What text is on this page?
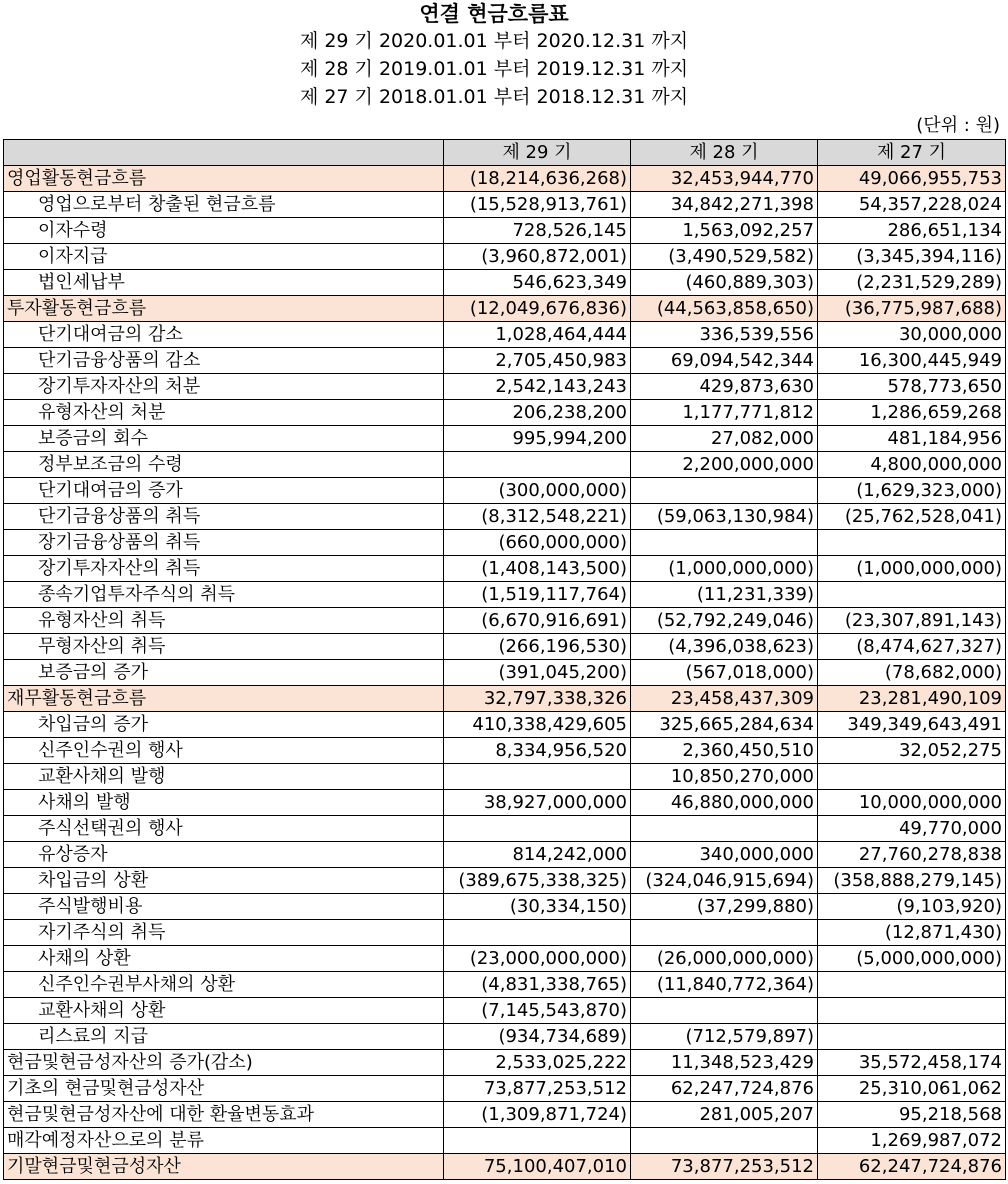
연결 현금흐름표
제 29 기 2020.01.01 부터 2020.12.31 까지
제 28 기 2019.01.01 부터 2019.12.31 까지
제 27 기 2018.01.01 부터 2018.12.31 까지
(단위 : 원)
	제 29 기	제 28 기	제 27 기
영업활동현금흐름	(18,214,636,268)	32,453,944,770	49,066,955,753
영업으로부터 창출된 현금흐름	(15,528,913,761)	34,842,271,398	54,357,228,024
이자수령	728,526,145	1,563,092,257	286,651,134
이자지급	(3,960,872,001)	(3,490,529,582)	(3,345,394,116)
법인세납부	546,623,349	(460,889,303)	(2,231,529,289)
투자활동현금흐름	(12,049,676,836)	(44,563,858,650)	(36,775,987,688)
단기대여금의 감소	1,028,464,444	336,539,556	30,000,000
단기금융상품의 감소	2,705,450,983	69,094,542,344	16,300,445,949
장기투자자산의 처분	2,542,143,243	429,873,630	578,773,650
유형자산의 처분	206,238,200	1,177,771,812	1,286,659,268
보증금의 회수	995,994,200	27,082,000	481,184,956
정부보조금의 수령		2,200,000,000	4,800,000,000
단기대여금의 증가	(300,000,000)		(1,629,323,000)
단기금융상품의 취득	(8,312,548,221)	(59,063,130,984)	(25,762,528,041)
장기금융상품의 취득	(660,000,000)		
장기투자자산의 취득	(1,408,143,500)	(1,000,000,000)	(1,000,000,000)
종속기업투자주식의 취득	(1,519,117,764)	(11,231,339)	
유형자산의 취득	(6,670,916,691)	(52,792,249,046)	(23,307,891,143)
무형자산의 취득	(266,196,530)	(4,396,038,623)	(8,474,627,327)
보증금의 증가	(391,045,200)	(567,018,000)	(78,682,000)
재무활동현금흐름	32,797,338,326	23,458,437,309	23,281,490,109
차입금의 증가	410,338,429,605	325,665,284,634	349,349,643,491
신주인수권의 행사	8,334,956,520	2,360,450,510	32,052,275
교환사채의 발행		10,850,270,000	
사채의 발행	38,927,000,000	46,880,000,000	10,000,000,000
주식선택권의 행사			49,770,000
유상증자	814,242,000	340,000,000	27,760,278,838
차입금의 상환	(389,675,338,325)	(324,046,915,694)	(358,888,279,145)
주식발행비용	(30,334,150)	(37,299,880)	(9,103,920)
자기주식의 취득			(12,871,430)
사채의 상환	(23,000,000,000)	(26,000,000,000)	(5,000,000,000)
신주인수권부사채의 상환	(4,831,338,765)	(11,840,772,364)	
교환사채의 상환	(7,145,543,870)		
리스료의 지급	(934,734,689)	(712,579,897)	
현금및현금성자산의 증가(감소)	2,533,025,222	11,348,523,429	35,572,458,174
기초의 현금및현금성자산	73,877,253,512	62,247,724,876	25,310,061,062
현금및현금성자산에 대한 환율변동효과	(1,309,871,724)	281,005,207	95,218,568
매각예정자산으로의 분류			1,269,987,072
기말현금및현금성자산	75,100,407,010	73,877,253,512	62,247,724,876
